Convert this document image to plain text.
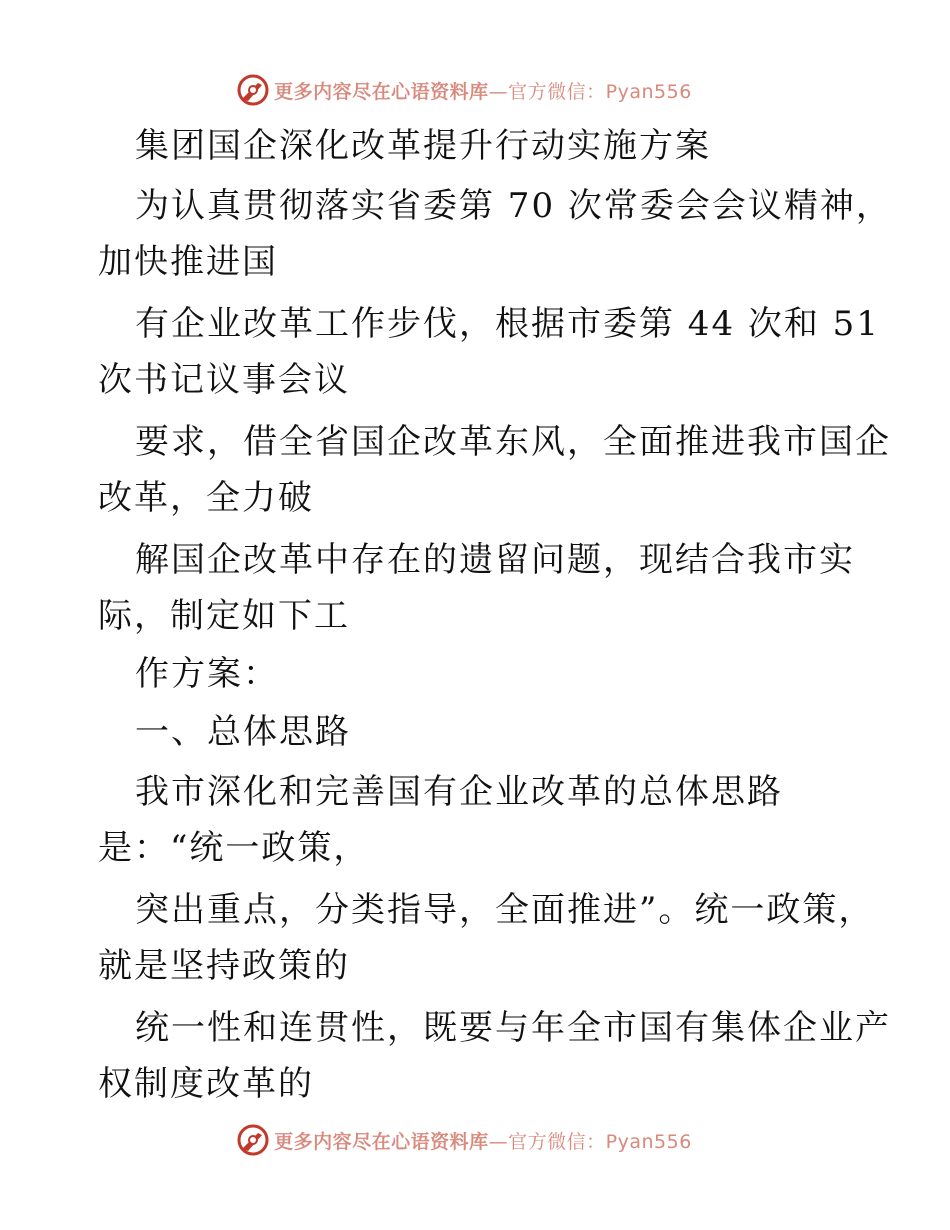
更多内容尽在心语资料库—官方微信：Pyan556
集团国企深化改革提升行动实施方案
为认真贯彻落实省委第 70 次常委会会议精神，
加快推进国
有企业改革工作步伐，根据市委第 44 次和 51
次书记议事会议
要求，借全省国企改革东风，全面推进我市国企
改革，全力破
解国企改革中存在的遗留问题，现结合我市实
际，制定如下工
作方案：
一、总体思路
我市深化和完善国有企业改革的总体思路
是：“统一政策，
突出重点，分类指导，全面推进”。统一政策，
就是坚持政策的
统一性和连贯性，既要与年全市国有集体企业产
权制度改革的
更多内容尽在心语资料库—官方微信：Pyan556
